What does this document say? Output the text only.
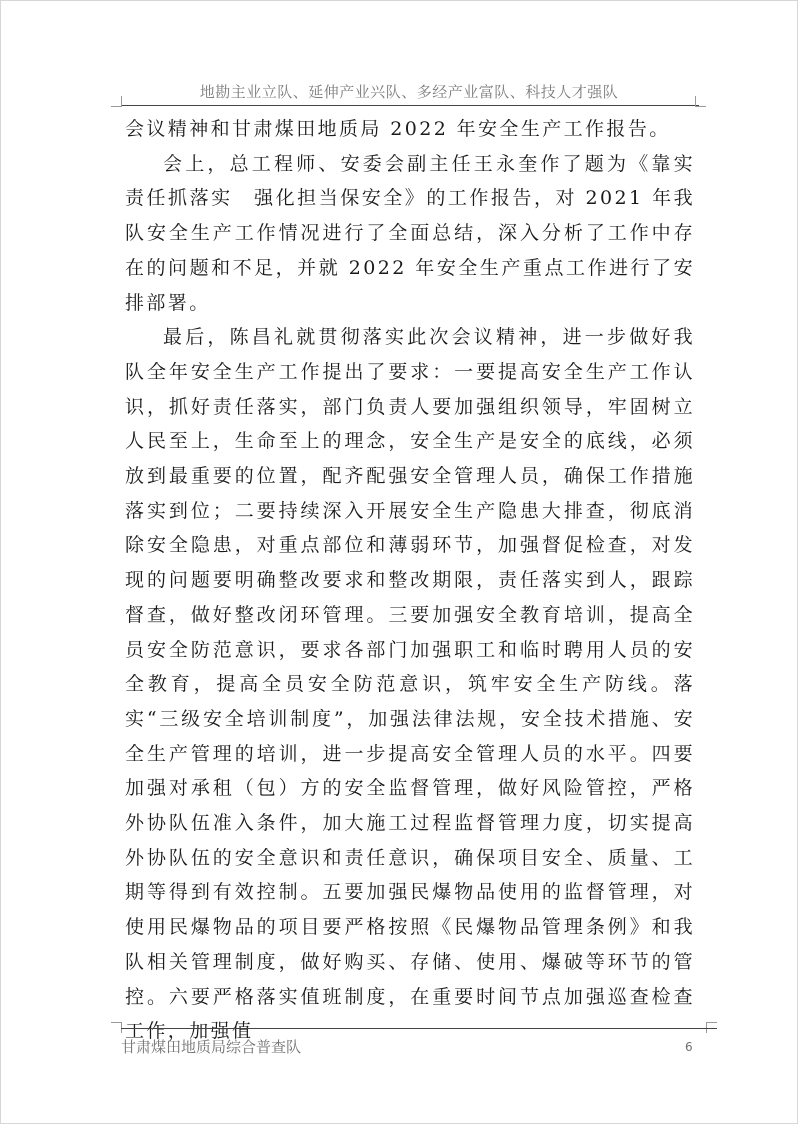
地勘主业立队、延伸产业兴队、多经产业富队、科技人才强队

会议精神和甘肃煤田地质局 2022 年安全生产工作报告。

会上，总工程师、安委会副主任王永奎作了题为《靠实责任抓落实　强化担当保安全》的工作报告，对 2021 年我队安全生产工作情况进行了全面总结，深入分析了工作中存在的问题和不足，并就 2022 年安全生产重点工作进行了安排部署。

最后，陈昌礼就贯彻落实此次会议精神，进一步做好我队全年安全生产工作提出了要求：一要提高安全生产工作认识，抓好责任落实，部门负责人要加强组织领导，牢固树立人民至上，生命至上的理念，安全生产是安全的底线，必须放到最重要的位置，配齐配强安全管理人员，确保工作措施落实到位；二要持续深入开展安全生产隐患大排查，彻底消除安全隐患，对重点部位和薄弱环节，加强督促检查，对发现的问题要明确整改要求和整改期限，责任落实到人，跟踪督查，做好整改闭环管理。三要加强安全教育培训，提高全员安全防范意识，要求各部门加强职工和临时聘用人员的安全教育，提高全员安全防范意识，筑牢安全生产防线。落实“三级安全培训制度”，加强法律法规，安全技术措施、安全生产管理的培训，进一步提高安全管理人员的水平。四要加强对承租（包）方的安全监督管理，做好风险管控，严格外协队伍准入条件，加大施工过程监督管理力度，切实提高外协队伍的安全意识和责任意识，确保项目安全、质量、工期等得到有效控制。五要加强民爆物品使用的监督管理，对使用民爆物品的项目要严格按照《民爆物品管理条例》和我队相关管理制度，做好购买、存储、使用、爆破等环节的管控。六要严格落实值班制度，在重要时间节点加强巡查检查工作，加强值

甘肃煤田地质局综合普查队	6
